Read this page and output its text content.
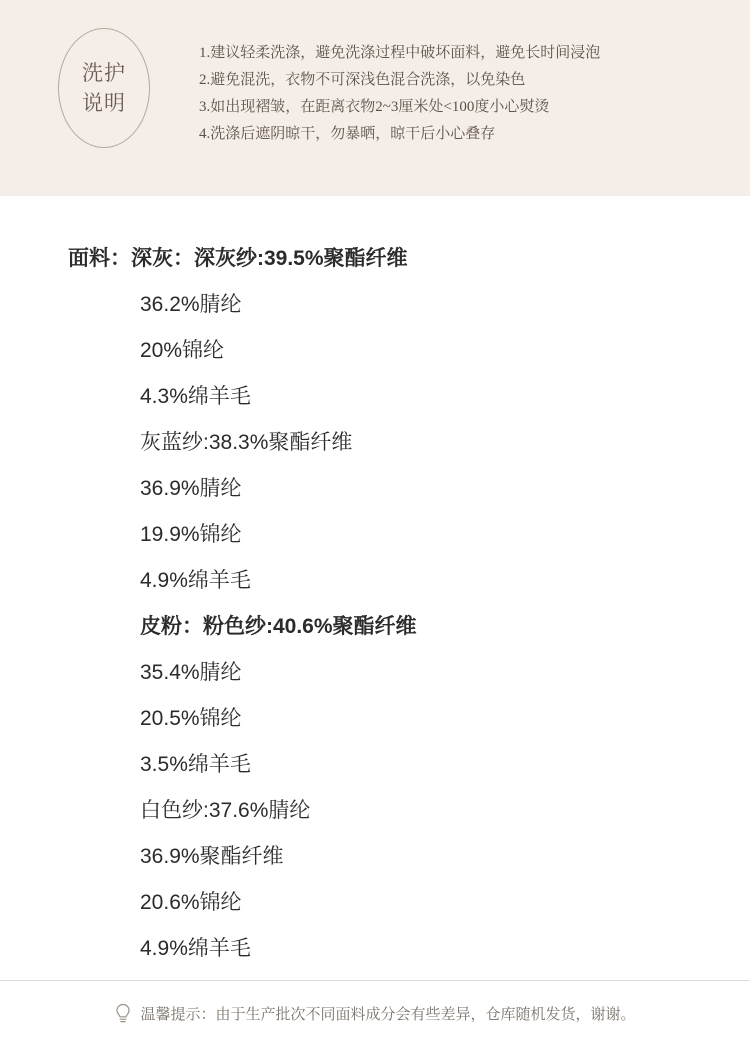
洗护
说明
1.建议轻柔洗涤，避免洗涤过程中破坏面料，避免长时间浸泡
2.避免混洗，衣物不可深浅色混合洗涤，以免染色
3.如出现褶皱，在距离衣物2~3厘米处<100度小心熨烫
4.洗涤后遮阴晾干，勿暴晒，晾干后小心叠存
面料： 深灰：深灰纱:39.5%聚酯纤维
36.2%腈纶
20%锦纶
4.3%绵羊毛
灰蓝纱:38.3%聚酯纤维
36.9%腈纶
19.9%锦纶
4.9%绵羊毛
皮粉：粉色纱:40.6%聚酯纤维
35.4%腈纶
20.5%锦纶
3.5%绵羊毛
白色纱:37.6%腈纶
36.9%聚酯纤维
20.6%锦纶
4.9%绵羊毛
温馨提示：由于生产批次不同面料成分会有些差异，仓库随机发货，谢谢。
